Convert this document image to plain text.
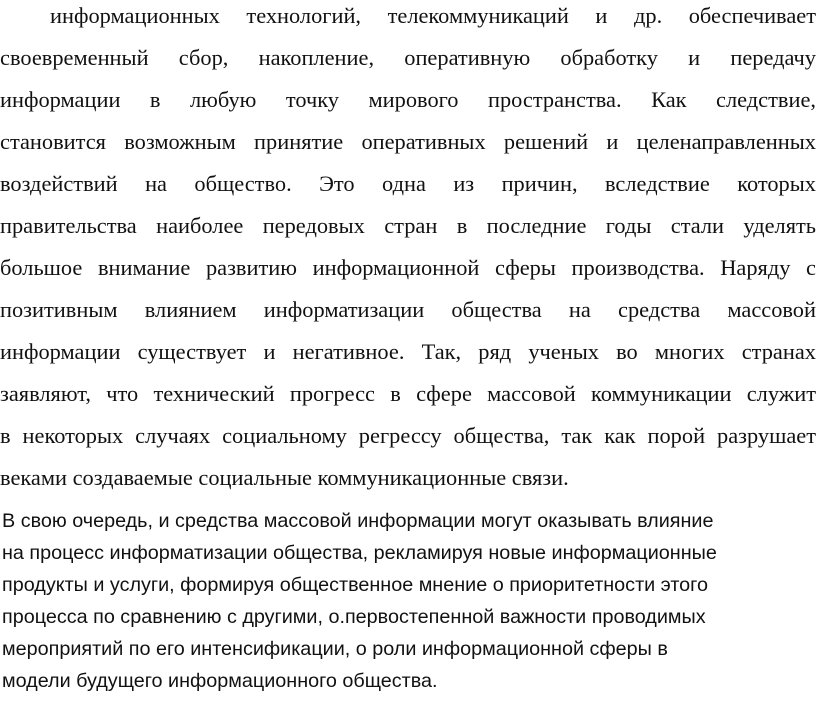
информационных технологий, телекоммуникаций и др. обеспечивает
своевременный сбор, накопление, оперативную обработку и передачу
информации в любую точку мирового пространства. Как следствие,
становится возможным принятие оперативных решений и целенаправленных
воздействий на общество. Это одна из причин, вследствие которых
правительства наиболее передовых стран в последние годы стали уделять
большое внимание развитию информационной сферы производства. Наряду с
позитивным влиянием информатизации общества на средства массовой
информации существует и негативное. Так, ряд ученых во многих странах
заявляют, что технический прогресс в сфере массовой коммуникации служит
в некоторых случаях социальному регрессу общества, так как порой разрушает
веками создаваемые социальные коммуникационные связи.
В свою очередь, и средства массовой информации могут оказывать влияние
на процесс информатизации общества, рекламируя новые информационные
продукты и услуги, формируя общественное мнение о приоритетности этого
процесса по сравнению с другими, о.первостепенной важности проводимых
мероприятий по его интенсификации, о роли информационной сферы в
модели будущего информационного общества.
